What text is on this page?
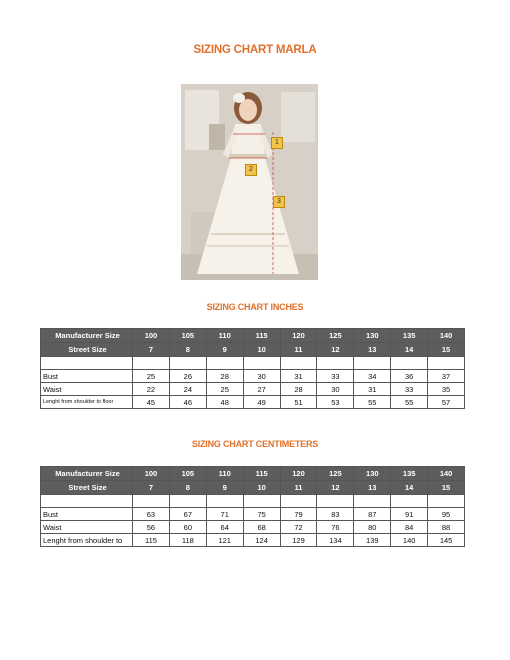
SIZING CHART MARLA
1
2
3
SIZING CHART INCHES
Manufacturer Size	100	105	110	115	120	125	130	135	140
Street Size	7	8	9	10	11	12	13	14	15

Bust	25	26	28	30	31	33	34	36	37
Waist	22	24	25	27	28	30	31	33	35
Lenght from shoulder to floor	45	46	48	49	51	53	55	55	57
SIZING CHART CENTIMETERS
Manufacturer Size	100	105	110	115	120	125	130	135	140
Street Size	7	8	9	10	11	12	13	14	15

Bust	63	67	71	75	79	83	87	91	95
Waist	56	60	64	68	72	76	80	84	88
Lenght from shoulder to	115	118	121	124	129	134	139	140	145
